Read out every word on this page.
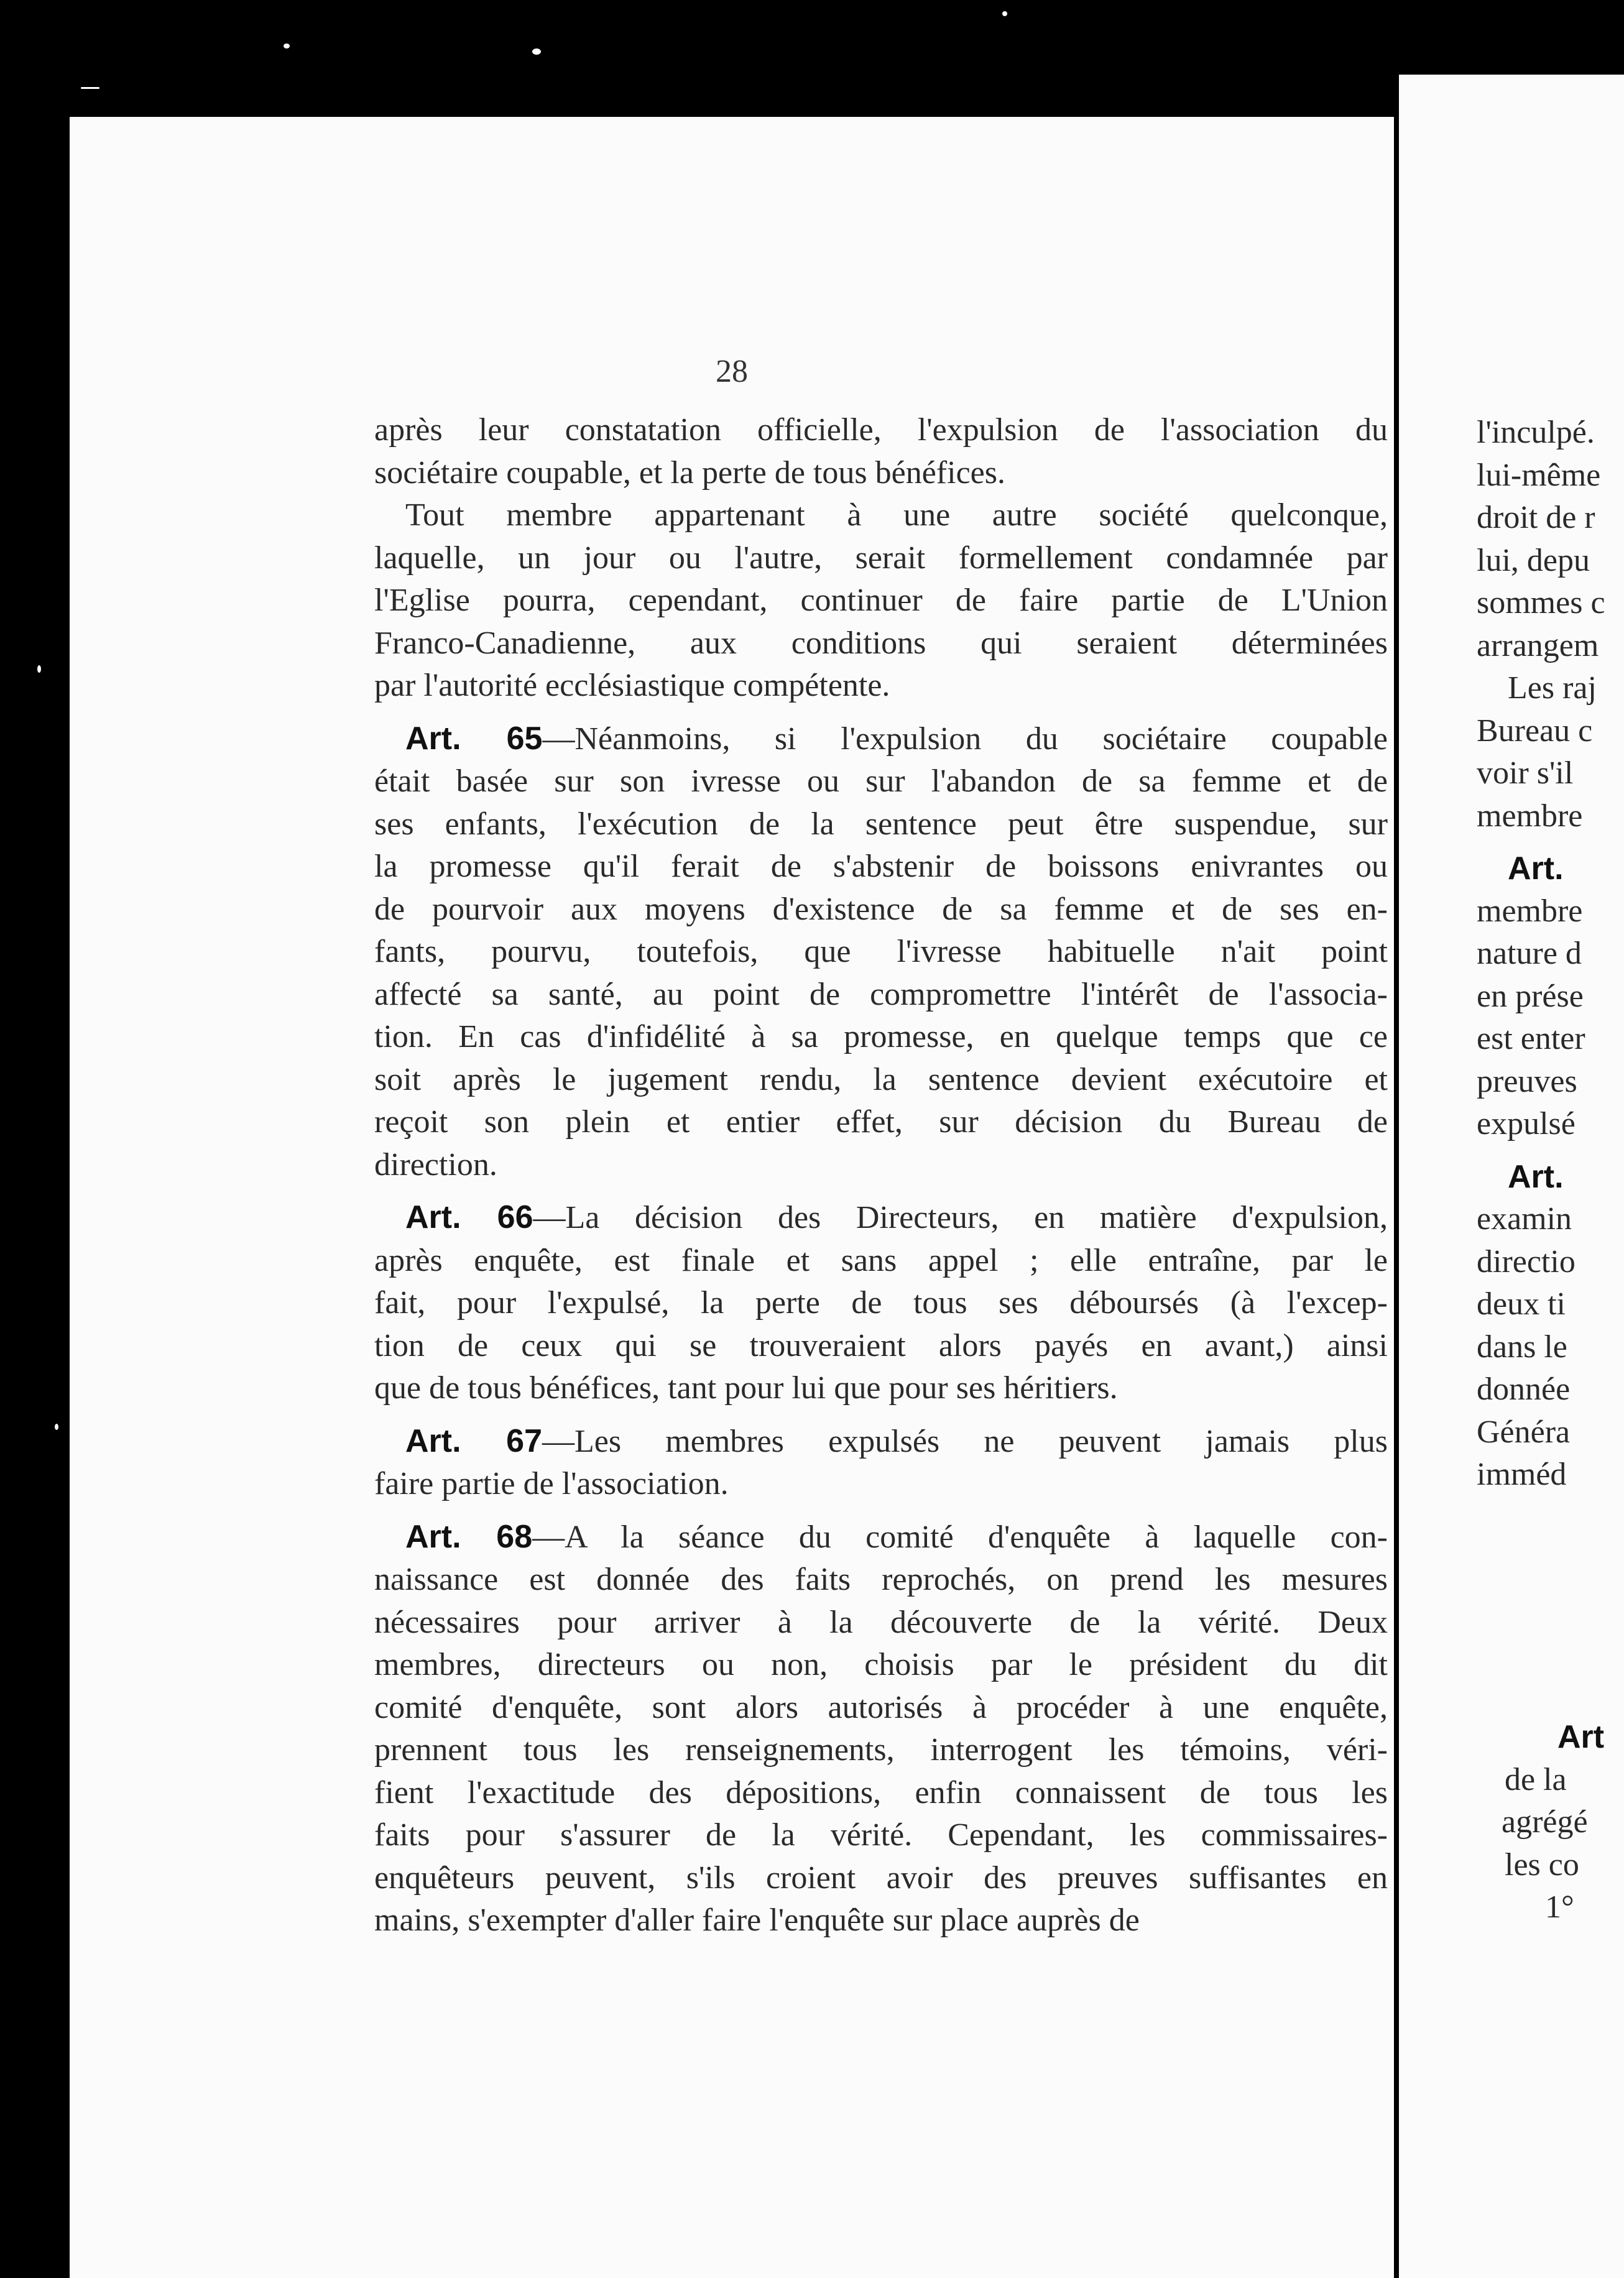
28
après leur constatation officielle, l'expulsion de l'association du
sociétaire coupable, et la perte de tous bénéfices.
Tout membre appartenant à une autre société quelconque,
laquelle, un jour ou l'autre, serait formellement condamnée par
l'Eglise pourra, cependant, continuer de faire partie de L'Union
Franco-Canadienne, aux conditions qui seraient déterminées
par l'autorité ecclésiastique compétente.
Art. 65—Néanmoins, si l'expulsion du sociétaire coupable
était basée sur son ivresse ou sur l'abandon de sa femme et de
ses enfants, l'exécution de la sentence peut être suspendue, sur
la promesse qu'il ferait de s'abstenir de boissons enivrantes ou
de pourvoir aux moyens d'existence de sa femme et de ses en-
fants, pourvu, toutefois, que l'ivresse habituelle n'ait point
affecté sa santé, au point de compromettre l'intérêt de l'associa-
tion. En cas d'infidélité à sa promesse, en quelque temps que ce
soit après le jugement rendu, la sentence devient exécutoire et
reçoit son plein et entier effet, sur décision du Bureau de
direction.
Art. 66—La décision des Directeurs, en matière d'expulsion,
après enquête, est finale et sans appel ; elle entraîne, par le
fait, pour l'expulsé, la perte de tous ses déboursés (à l'excep-
tion de ceux qui se trouveraient alors payés en avant,) ainsi
que de tous bénéfices, tant pour lui que pour ses héritiers.
Art. 67—Les membres expulsés ne peuvent jamais plus
faire partie de l'association.
Art. 68—A la séance du comité d'enquête à laquelle con-
naissance est donnée des faits reprochés, on prend les mesures
nécessaires pour arriver à la découverte de la vérité. Deux
membres, directeurs ou non, choisis par le président du dit
comité d'enquête, sont alors autorisés à procéder à une enquête,
prennent tous les renseignements, interrogent les témoins, véri-
fient l'exactitude des dépositions, enfin connaissent de tous les
faits pour s'assurer de la vérité. Cependant, les commissaires-
enquêteurs peuvent, s'ils croient avoir des preuves suffisantes en
mains, s'exempter d'aller faire l'enquête sur place auprès de
l'inculpé.
lui-même
droit de r
lui, depu
sommes c
arrangem
Les raj
Bureau c
voir s'il
membre
Art.
membre
nature d
en prése
est enter
preuves
expulsé
Art.
examin
directio
deux ti
dans le
donnée
Généra
imméd
Art
de la
agrégé
les co
1°
